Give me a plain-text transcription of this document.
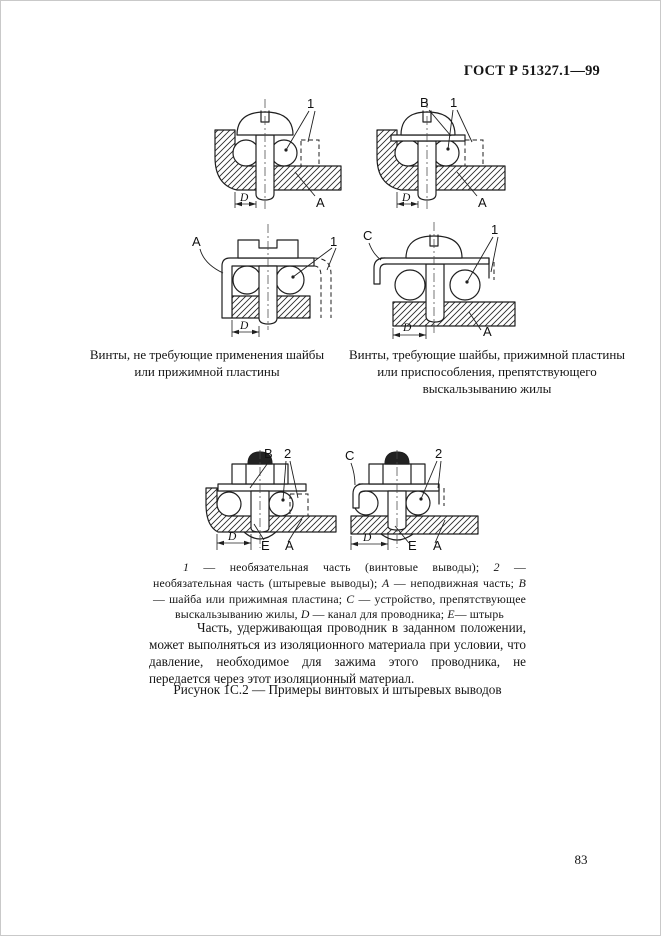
ГОСТ Р 51327.1—99
1
D	A
B 1
D	A
A	1
D
C	1
D	A
Винты, не требующие применения шайбы или прижимной пластины
Винты, требующие шайбы, прижимной пластины или приспособления, препятствующего выскальзыванию жилы
B 2
D
E A
C	2
D	E A
1 — необязательная часть (винтовые выводы); 2 — необязательная часть (штыревые выводы); А — неподвижная часть; В — шайба или прижимная пластина; С — устройство, препятствующее выскальзыванию жилы, D — канал для проводника; Е— штырь
Часть, удерживающая проводник в заданном положении, может выполняться из изоляционного материала при условии, что давление, необходимое для зажима этого проводника, не передается через этот изоляционный материал.
Рисунок 1С.2 — Примеры винтовых и штыревых выводов
83
